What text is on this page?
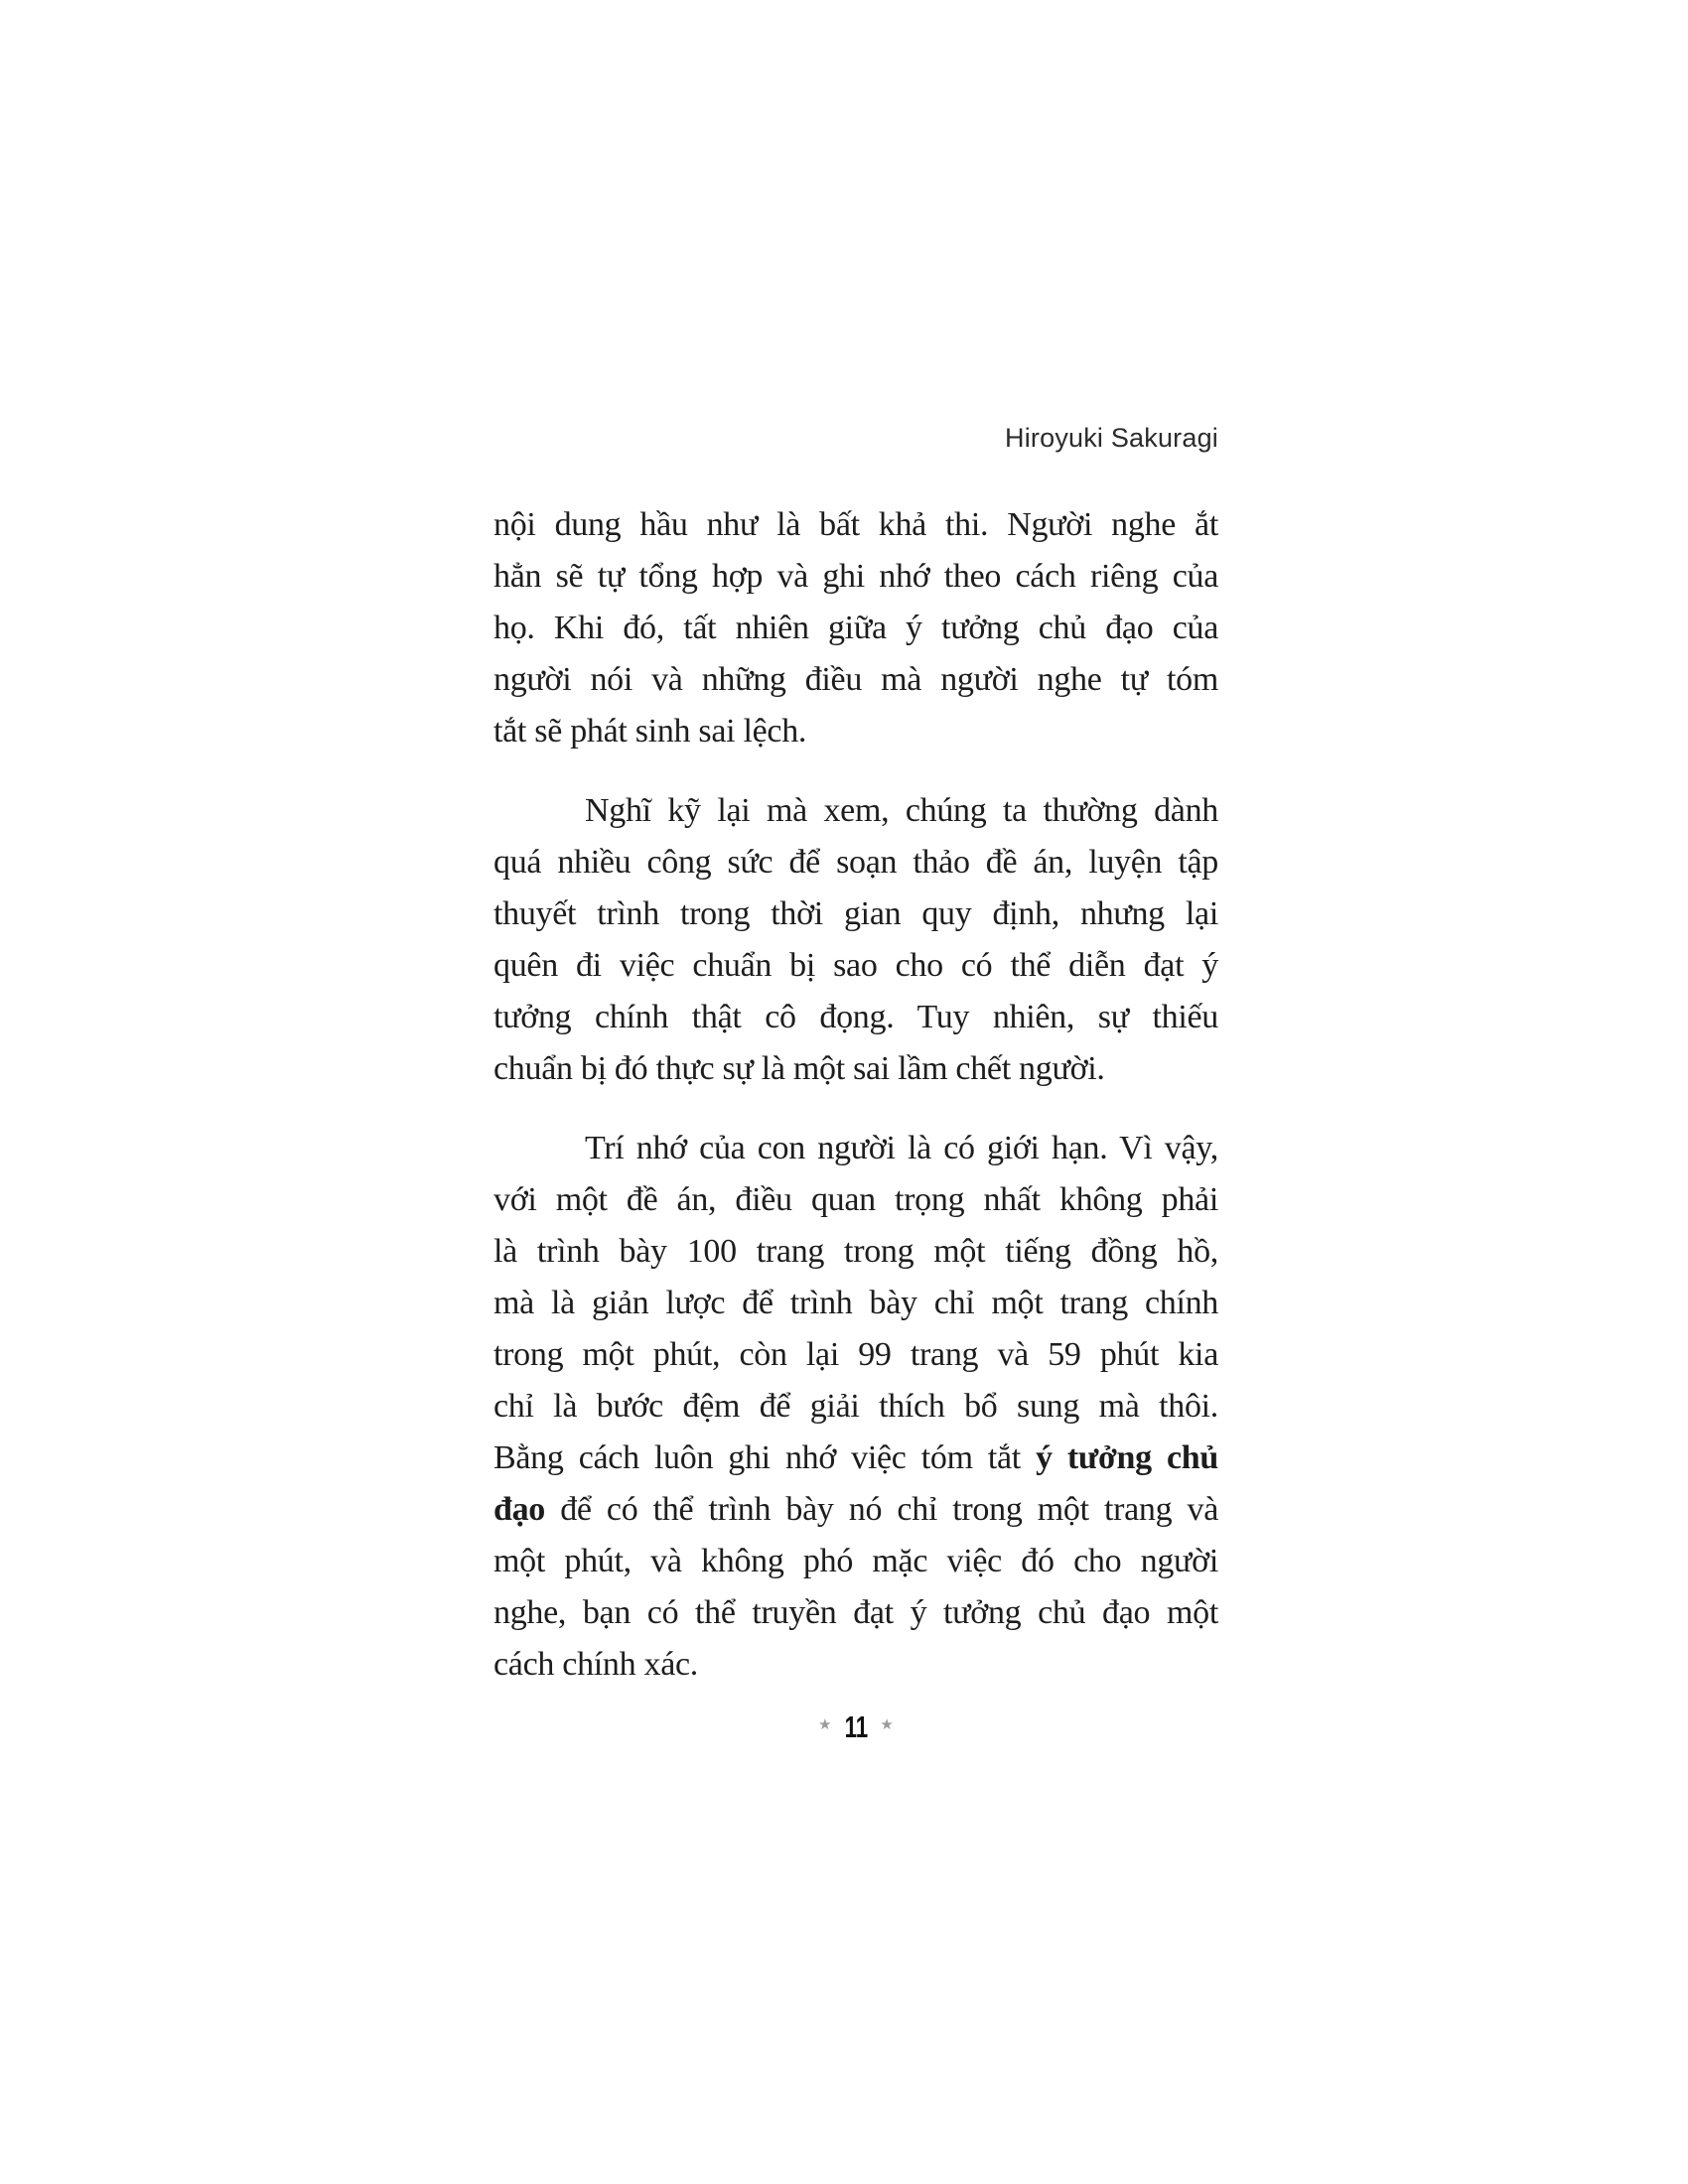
Hiroyuki Sakuragi
nội dung hầu như là bất khả thi. Người nghe ắt
hẳn sẽ tự tổng hợp và ghi nhớ theo cách riêng của
họ. Khi đó, tất nhiên giữa ý tưởng chủ đạo của
người nói và những điều mà người nghe tự tóm
tắt sẽ phát sinh sai lệch.
Nghĩ kỹ lại mà xem, chúng ta thường dành
quá nhiều công sức để soạn thảo đề án, luyện tập
thuyết trình trong thời gian quy định, nhưng lại
quên đi việc chuẩn bị sao cho có thể diễn đạt ý
tưởng chính thật cô đọng. Tuy nhiên, sự thiếu
chuẩn bị đó thực sự là một sai lầm chết người.
Trí nhớ của con người là có giới hạn. Vì vậy,
với một đề án, điều quan trọng nhất không phải
là trình bày 100 trang trong một tiếng đồng hồ,
mà là giản lược để trình bày chỉ một trang chính
trong một phút, còn lại 99 trang và 59 phút kia
chỉ là bước đệm để giải thích bổ sung mà thôi.
Bằng cách luôn ghi nhớ việc tóm tắt ý tưởng chủ
đạo để có thể trình bày nó chỉ trong một trang và
một phút, và không phó mặc việc đó cho người
nghe, bạn có thể truyền đạt ý tưởng chủ đạo một
cách chính xác.
★ 11 ★
